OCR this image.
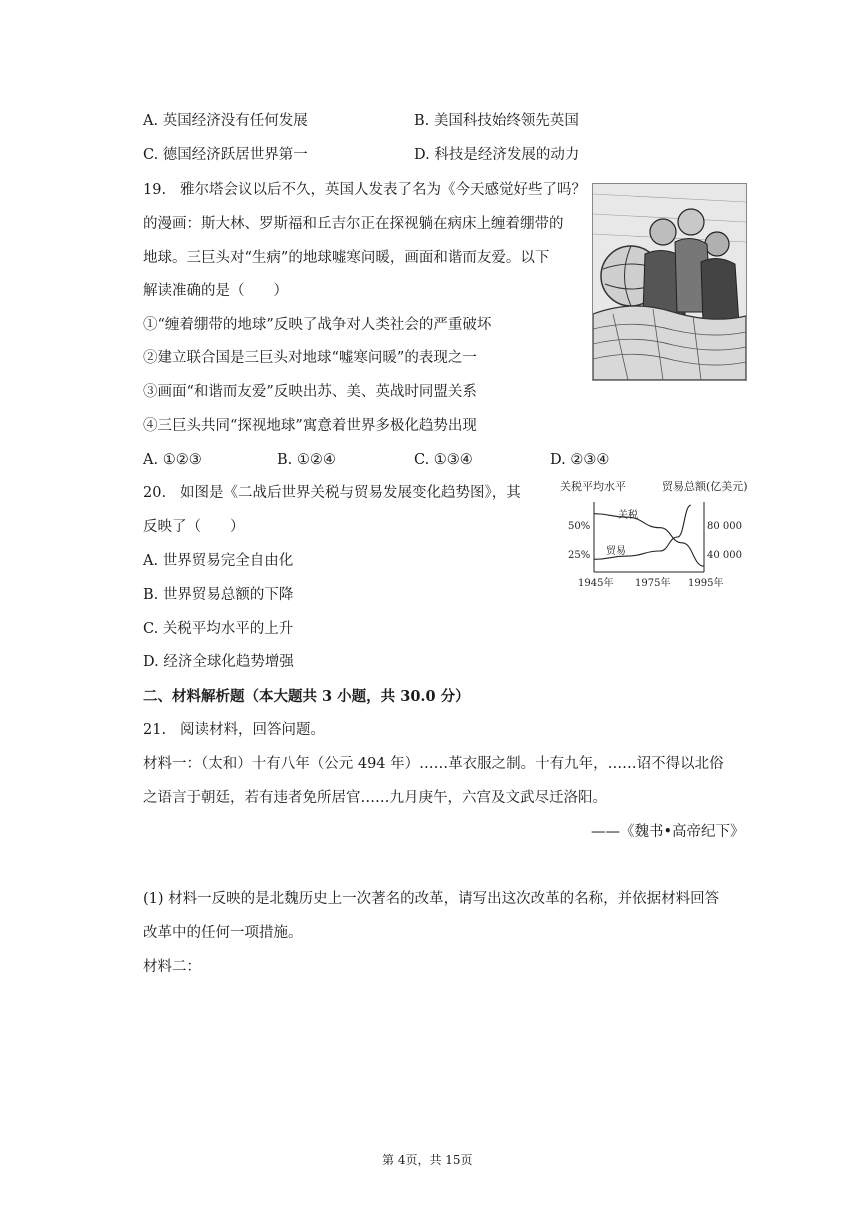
A. 英国经济没有任何发展	B. 美国科技始终领先英国
C. 德国经济跃居世界第一	D. 科技是经济发展的动力
19. 雅尔塔会议以后不久，英国人发表了名为《今天感觉好些了吗？
的漫画：斯大林、罗斯福和丘吉尔正在探视躺在病床上缠着绷带的
地球。三巨头对“生病”的地球嘘寒问暖，画面和谐而友爱。以下
解读准确的是（　　）
①“缠着绷带的地球”反映了战争对人类社会的严重破坏
②建立联合国是三巨头对地球“嘘寒问暖”的表现之一
③画面“和谐而友爱”反映出苏、美、英战时同盟关系
④三巨头共同“探视地球”寓意着世界多极化趋势出现
A. ①②③	B. ①②④	C. ①③④	D. ②③④
20. 如图是《二战后世界关税与贸易发展变化趋势图》，其
反映了（　　）
A. 世界贸易完全自由化
B. 世界贸易总额的下降
C. 关税平均水平的上升
D. 经济全球化趋势增强
关税平均水平	贸易总额(亿美元)
50%
25%
80 000
40 000
1945年 1975年 1995年
关税
贸易
二、材料解析题（本大题共 3 小题，共 30.0 分）
21. 阅读材料，回答问题。
材料一：（太和）十有八年（公元 494 年）……革衣服之制。十有九年，……诏不得以北俗
之语言于朝廷，若有违者免所居官……九月庚午，六宫及文武尽迁洛阳。
——《魏书•高帝纪下》
(1) 材料一反映的是北魏历史上一次著名的改革，请写出这次改革的名称，并依据材料回答
改革中的任何一项措施。
材料二：
第 4页，共 15页
